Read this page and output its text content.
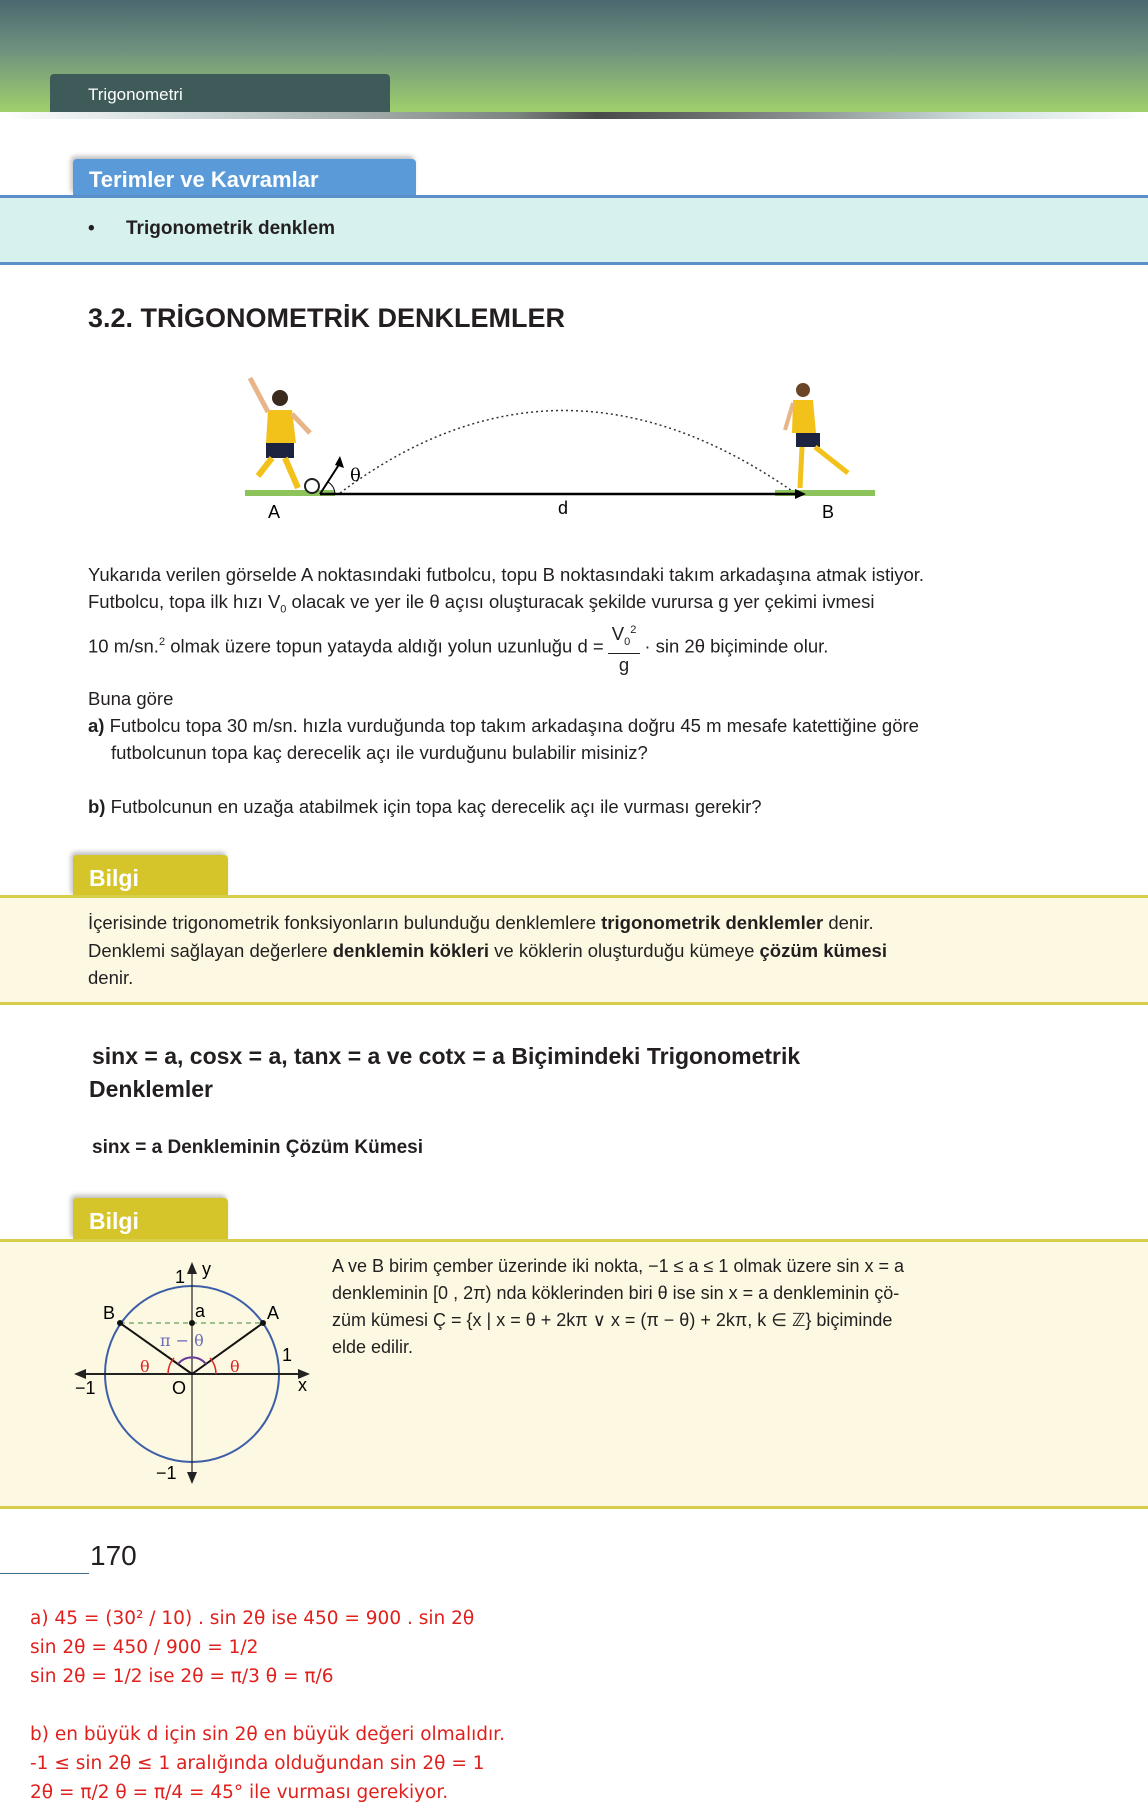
Trigonometri
Terimler ve Kavramlar
• Trigonometrik denklem
3.2. TRİGONOMETRİK DENKLEMLER
θ
A	d	B
Yukarıda verilen görselde A noktasındaki futbolcu, topu B noktasındaki takım arkadaşına atmak istiyor.
Futbolcu, topa ilk hızı $V_0$ olacak ve yer ile θ açısı oluşturacak şekilde vurursa g yer çekimi ivmesi
10 m/sn.$^2$ olmak üzere topun yatayda aldığı yolun uzunluğu $d = \frac{V_0^2}{g} \cdot \sin 2\theta$ biçiminde olur.
Buna göre
a) Futbolcu topa 30 m/sn. hızla vurduğunda top takım arkadaşına doğru 45 m mesafe katettiğine göre
futbolcunun topa kaç derecelik açı ile vurduğunu bulabilir misiniz?
b) Futbolcunun en uzağa atabilmek için topa kaç derecelik açı ile vurması gerekir?
Bilgi
İçerisinde trigonometrik fonksiyonların bulunduğu denklemlere trigonometrik denklemler denir.
Denklemi sağlayan değerlere denklemin kökleri ve köklerin oluşturduğu kümeye çözüm kümesi
denir.
sinx = a, cosx = a, tanx = a ve cotx = a Biçimindeki Trigonometrik
Denklemler
sinx = a Denkleminin Çözüm Kümesi
Bilgi
1 y
B	a	A
π − θ
θ	θ
1
−1	O	x
−1
A ve B birim çember üzerinde iki nokta, −1 ≤ a ≤ 1 olmak üzere sin x = a
denkleminin [0 , 2π) nda köklerinden biri θ ise sin x = a denkleminin çö-
züm kümesi Ç = {x | x = θ + 2kπ ∨ x = (π − θ) + 2kπ, k ∈ ℤ} biçiminde
elde edilir.
170
a) 45 = (30² / 10) . sin 2θ ise 450 = 900 . sin 2θ
sin 2θ = 450 / 900 = 1/2
sin 2θ = 1/2 ise 2θ = π/3 θ = π/6
b) en büyük d için sin 2θ en büyük değeri olmalıdır.
-1 ≤ sin 2θ ≤ 1 aralığında olduğundan sin 2θ = 1
2θ = π/2 θ = π/4 = 45° ile vurması gerekiyor.
